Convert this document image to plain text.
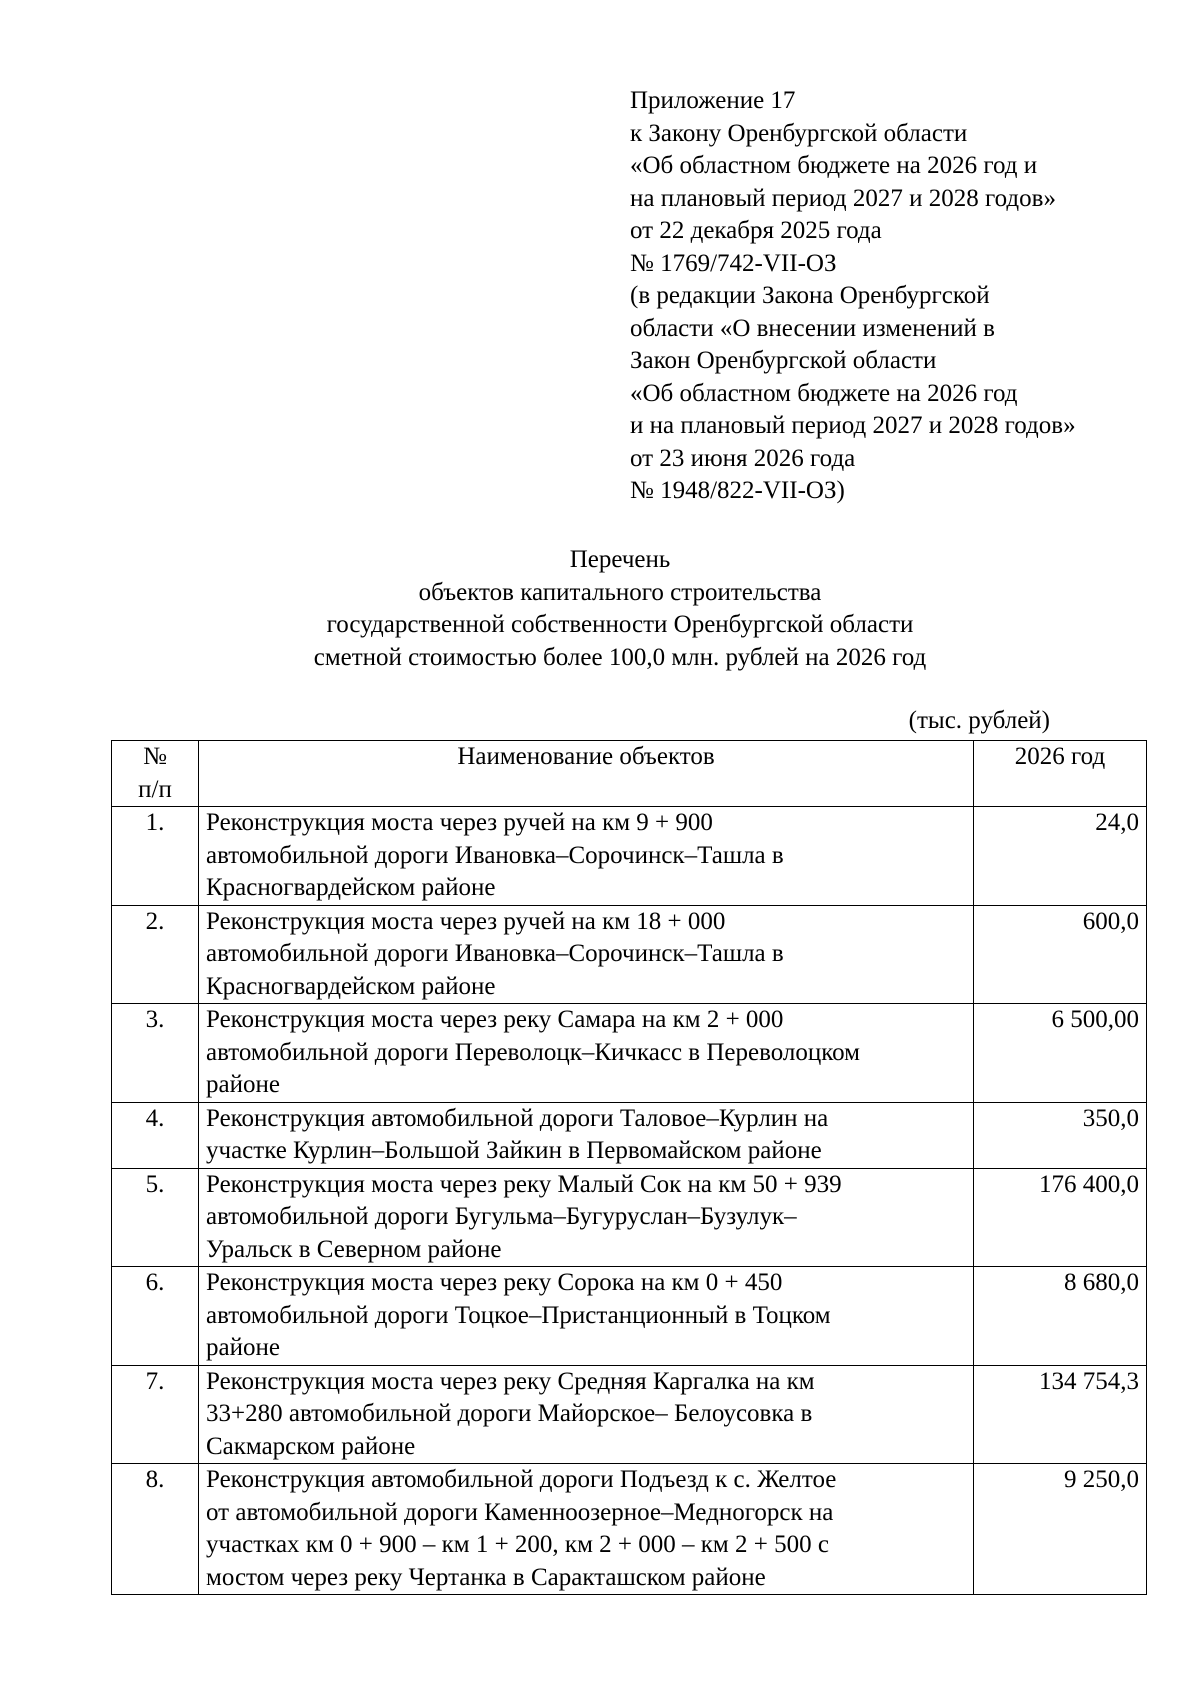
Приложение 17
к Закону Оренбургской области
«Об областном бюджете на 2026 год и
на плановый период 2027 и 2028 годов»
от 22 декабря 2025 года
№ 1769/742-VII-ОЗ
(в редакции Закона Оренбургской
области «О внесении изменений в
Закон Оренбургской области
«Об областном бюджете на 2026 год
и на плановый период 2027 и 2028 годов»
от 23 июня 2026 года
№ 1948/822-VII-ОЗ)
Перечень
объектов капитального строительства
государственной собственности Оренбургской области
сметной стоимостью более 100,0 млн. рублей на 2026 год
(тыс. рублей)
№
п/п	Наименование объектов	2026 год
1.	Реконструкция моста через ручей на км 9 + 900
автомобильной дороги Ивановка–Сорочинск–Ташла в
Красногвардейском районе	24,0
2.	Реконструкция моста через ручей на км 18 + 000
автомобильной дороги Ивановка–Сорочинск–Ташла в
Красногвардейском районе	600,0
3.	Реконструкция моста через реку Самара на км 2 + 000
автомобильной дороги Переволоцк–Кичкасс в Переволоцком
районе	6 500,00
4.	Реконструкция автомобильной дороги Таловое–Курлин на
участке Курлин–Большой Зайкин в Первомайском районе	350,0
5.	Реконструкция моста через реку Малый Сок на км 50 + 939
автомобильной дороги Бугульма–Бугуруслан–Бузулук–
Уральск в Северном районе	176 400,0
6.	Реконструкция моста через реку Сорока на км 0 + 450
автомобильной дороги Тоцкое–Пристанционный в Тоцком
районе	8 680,0
7.	Реконструкция моста через реку Средняя Каргалка на км
33+280 автомобильной дороги Майорское– Белоусовка в
Сакмарском районе	134 754,3
8.	Реконструкция автомобильной дороги Подъезд к с. Желтое
от автомобильной дороги Каменноозерное–Медногорск на
участках км 0 + 900 – км 1 + 200, км 2 + 000 – км 2 + 500 с
мостом через реку Чертанка в Саракташском районе	9 250,0
